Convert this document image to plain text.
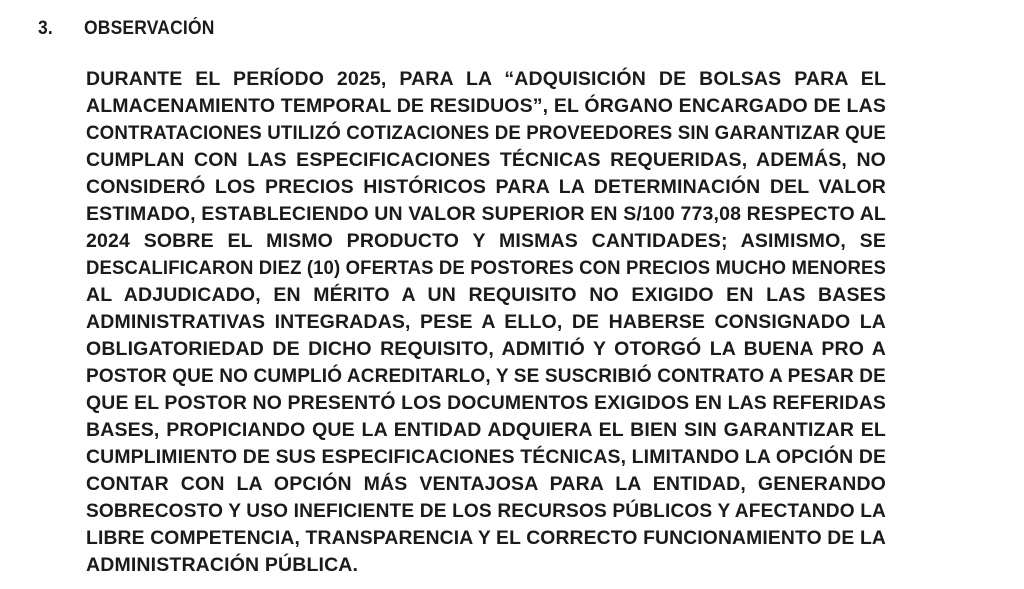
3.	OBSERVACIÓN
DURANTE EL PERÍODO 2025, PARA LA “ADQUISICIÓN DE BOLSAS PARA EL
ALMACENAMIENTO TEMPORAL DE RESIDUOS”, EL ÓRGANO ENCARGADO DE LAS
CONTRATACIONES UTILIZÓ COTIZACIONES DE PROVEEDORES SIN GARANTIZAR QUE
CUMPLAN CON LAS ESPECIFICACIONES TÉCNICAS REQUERIDAS, ADEMÁS, NO
CONSIDERÓ LOS PRECIOS HISTÓRICOS PARA LA DETERMINACIÓN DEL VALOR
ESTIMADO, ESTABLECIENDO UN VALOR SUPERIOR EN S/100 773,08 RESPECTO AL
2024 SOBRE EL MISMO PRODUCTO Y MISMAS CANTIDADES; ASIMISMO, SE
DESCALIFICARON DIEZ (10) OFERTAS DE POSTORES CON PRECIOS MUCHO MENORES
AL ADJUDICADO, EN MÉRITO A UN REQUISITO NO EXIGIDO EN LAS BASES
ADMINISTRATIVAS INTEGRADAS, PESE A ELLO, DE HABERSE CONSIGNADO LA
OBLIGATORIEDAD DE DICHO REQUISITO, ADMITIÓ Y OTORGÓ LA BUENA PRO A
POSTOR QUE NO CUMPLIÓ ACREDITARLO, Y SE SUSCRIBIÓ CONTRATO A PESAR DE
QUE EL POSTOR NO PRESENTÓ LOS DOCUMENTOS EXIGIDOS EN LAS REFERIDAS
BASES, PROPICIANDO QUE LA ENTIDAD ADQUIERA EL BIEN SIN GARANTIZAR EL
CUMPLIMIENTO DE SUS ESPECIFICACIONES TÉCNICAS, LIMITANDO LA OPCIÓN DE
CONTAR CON LA OPCIÓN MÁS VENTAJOSA PARA LA ENTIDAD, GENERANDO
SOBRECOSTO Y USO INEFICIENTE DE LOS RECURSOS PÚBLICOS Y AFECTANDO LA
LIBRE COMPETENCIA, TRANSPARENCIA Y EL CORRECTO FUNCIONAMIENTO DE LA
ADMINISTRACIÓN PÚBLICA.
